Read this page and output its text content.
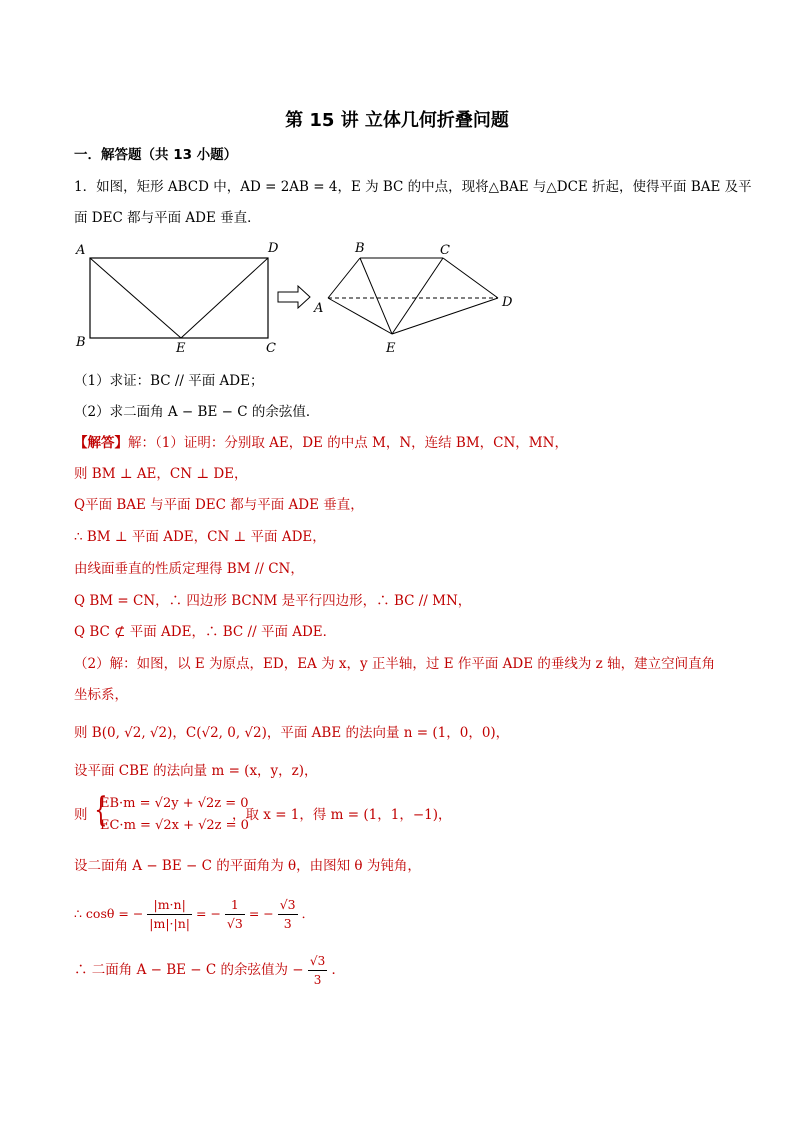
第 15 讲 立体几何折叠问题
一．解答题（共 13 小题）
1．如图，矩形 ABCD 中，AD = 2AB = 4，E 为 BC 的中点，现将△BAE 与△DCE 折起，使得平面 BAE 及平
面 DEC 都与平面 ADE 垂直．
A	D
B	E	C
B	C
A	D
E
（1）求证：BC // 平面 ADE；
（2）求二面角 A − BE − C 的余弦值．
【解答】解：（1）证明：分别取 AE，DE 的中点 M，N，连结 BM，CN，MN，
则 BM ⊥ AE，CN ⊥ DE，
Q平面 BAE 与平面 DEC 都与平面 ADE 垂直，
∴ BM ⊥ 平面 ADE，CN ⊥ 平面 ADE，
由线面垂直的性质定理得 BM // CN，
Q BM = CN，∴ 四边形 BCNM 是平行四边形，∴ BC // MN，
Q BC ⊄ 平面 ADE，∴ BC // 平面 ADE．
（2）解：如图，以 E 为原点，ED，EA 为 x，y 正半轴，过 E 作平面 ADE 的垂线为 z 轴，建立空间直角
坐标系，
则 B(0, √2, √2)，C(√2, 0, √2)，平面 ABE 的法向量 n = (1，0，0)，
设平面 CBE 的法向量 m = (x，y，z)，
则 {
EB·m = √2y + √2z = 0
EC·m = √2x + √2z = 0
，取 x = 1，得 m = (1，1，−1)，
设二面角 A − BE − C 的平面角为 θ，由图知 θ 为钝角，
∴ cosθ = − $\frac{|m\cdot n|}{|m|\cdot|n|}$ = − $\frac{1}{√3}$ = − $\frac{√3}{3}$ ．
∴ 二面角 A − BE − C 的余弦值为 − $\frac{√3}{3}$ ．
